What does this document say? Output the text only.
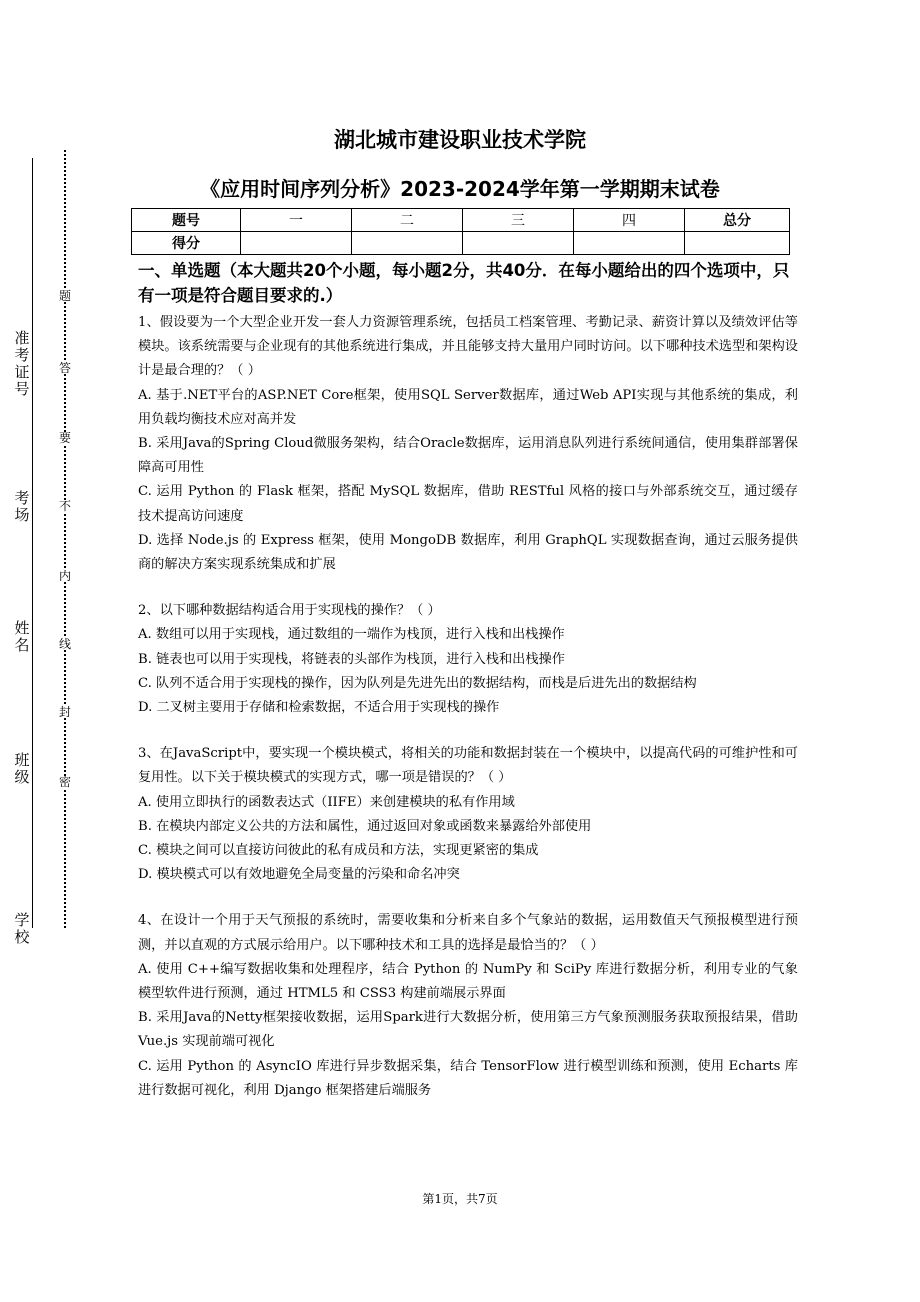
题
答
要
不
内
线
封
密
准考证号
考场
姓名
班级
学校
湖北城市建设职业技术学院
《应用时间序列分析》2023-2024学年第一学期期末试卷
题号	一	二	三	四	总分
得分					

一、单选题（本大题共20个小题，每小题2分，共40分．在每小题给出的四个选项中，只有一项是符合题目要求的.）

1、假设要为一个大型企业开发一套人力资源管理系统，包括员工档案管理、考勤记录、薪资计算以及绩效评估等模块。该系统需要与企业现有的其他系统进行集成，并且能够支持大量用户同时访问。以下哪种技术选型和架构设计是最合理的？（ ）

A. 基于.NET平台的ASP.NET Core框架，使用SQL Server数据库，通过Web API实现与其他系统的集成，利用负载均衡技术应对高并发

B. 采用Java的Spring Cloud微服务架构，结合Oracle数据库，运用消息队列进行系统间通信，使用集群部署保障高可用性

C. 运用 Python 的 Flask 框架，搭配 MySQL 数据库，借助 RESTful 风格的接口与外部系统交互，通过缓存技术提高访问速度

D. 选择 Node.js 的 Express 框架，使用 MongoDB 数据库，利用 GraphQL 实现数据查询，通过云服务提供商的解决方案实现系统集成和扩展

2、以下哪种数据结构适合用于实现栈的操作？（ ）

A. 数组可以用于实现栈，通过数组的一端作为栈顶，进行入栈和出栈操作

B. 链表也可以用于实现栈，将链表的头部作为栈顶，进行入栈和出栈操作

C. 队列不适合用于实现栈的操作，因为队列是先进先出的数据结构，而栈是后进先出的数据结构

D. 二叉树主要用于存储和检索数据，不适合用于实现栈的操作

3、在JavaScript中，要实现一个模块模式，将相关的功能和数据封装在一个模块中，以提高代码的可维护性和可复用性。以下关于模块模式的实现方式，哪一项是错误的？（ ）

A. 使用立即执行的函数表达式（IIFE）来创建模块的私有作用域

B. 在模块内部定义公共的方法和属性，通过返回对象或函数来暴露给外部使用

C. 模块之间可以直接访问彼此的私有成员和方法，实现更紧密的集成

D. 模块模式可以有效地避免全局变量的污染和命名冲突

4、在设计一个用于天气预报的系统时，需要收集和分析来自多个气象站的数据，运用数值天气预报模型进行预测，并以直观的方式展示给用户。以下哪种技术和工具的选择是最恰当的？（ ）

A. 使用 C++编写数据收集和处理程序，结合 Python 的 NumPy 和 SciPy 库进行数据分析，利用专业的气象模型软件进行预测，通过 HTML5 和 CSS3 构建前端展示界面

B. 采用Java的Netty框架接收数据，运用Spark进行大数据分析，使用第三方气象预测服务获取预报结果，借助 Vue.js 实现前端可视化

C. 运用 Python 的 AsyncIO 库进行异步数据采集，结合 TensorFlow 进行模型训练和预测，使用 Echarts 库进行数据可视化，利用 Django 框架搭建后端服务

第1页，共7页
